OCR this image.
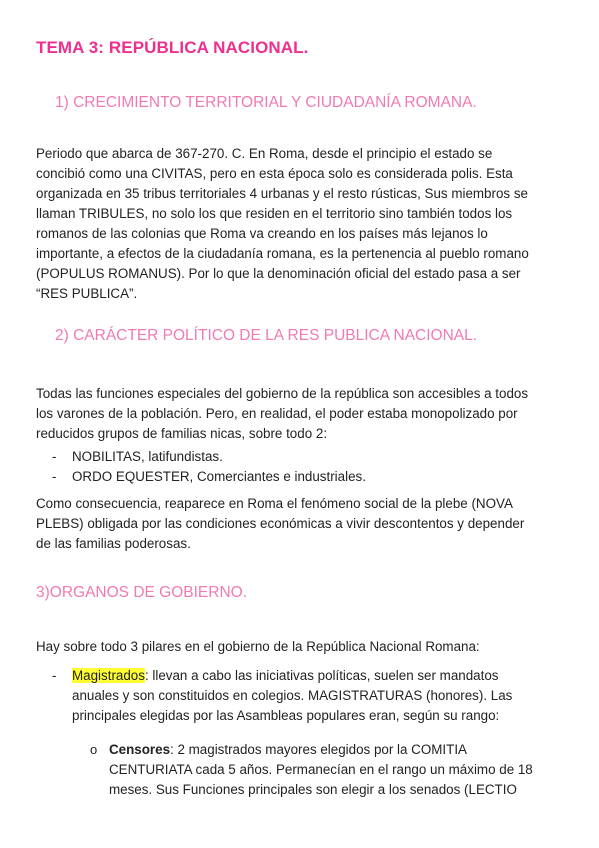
TEMA 3: REPÚBLICA NACIONAL.
1) CRECIMIENTO TERRITORIAL Y CIUDADANÍA ROMANA.

Periodo que abarca de 367-270. C. En Roma, desde el principio el estado se

concibió como una CIVITAS, pero en esta época solo es considerada polis. Esta

organizada en 35 tribus territoriales 4 urbanas y el resto rústicas, Sus miembros se

llaman TRIBULES, no solo los que residen en el territorio sino también todos los

romanos de las colonias que Roma va creando en los países más lejanos lo

importante, a efectos de la ciudadanía romana, es la pertenencia al pueblo romano

(POPULUS ROMANUS). Por lo que la denominación oficial del estado pasa a ser

“RES PUBLICA”.

2) CARÁCTER POLÍTICO DE LA RES PUBLICA NACIONAL.

Todas las funciones especiales del gobierno de la república son accesibles a todos

los varones de la población. Pero, en realidad, el poder estaba monopolizado por

reducidos grupos de familias nicas, sobre todo 2:

-	NOBILITAS, latifundistas.
-	ORDO EQUESTER, Comerciantes e industriales.

Como consecuencia, reaparece en Roma el fenómeno social de la plebe (NOVA

PLEBS) obligada por las condiciones económicas a vivir descontentos y depender

de las familias poderosas.

3)ORGANOS DE GOBIERNO.

Hay sobre todo 3 pilares en el gobierno de la República Nacional Romana:

- Magistrados: llevan a cabo las iniciativas políticas, suelen ser mandatos
anuales y son constituidos en colegios. MAGISTRATURAS (honores). Las
principales elegidas por las Asambleas populares eran, según su rango:
o Censores: 2 magistrados mayores elegidos por la COMITIA
CENTURIATA cada 5 años. Permanecían en el rango un máximo de 18
meses. Sus Funciones principales son elegir a los senados (LECTIO
